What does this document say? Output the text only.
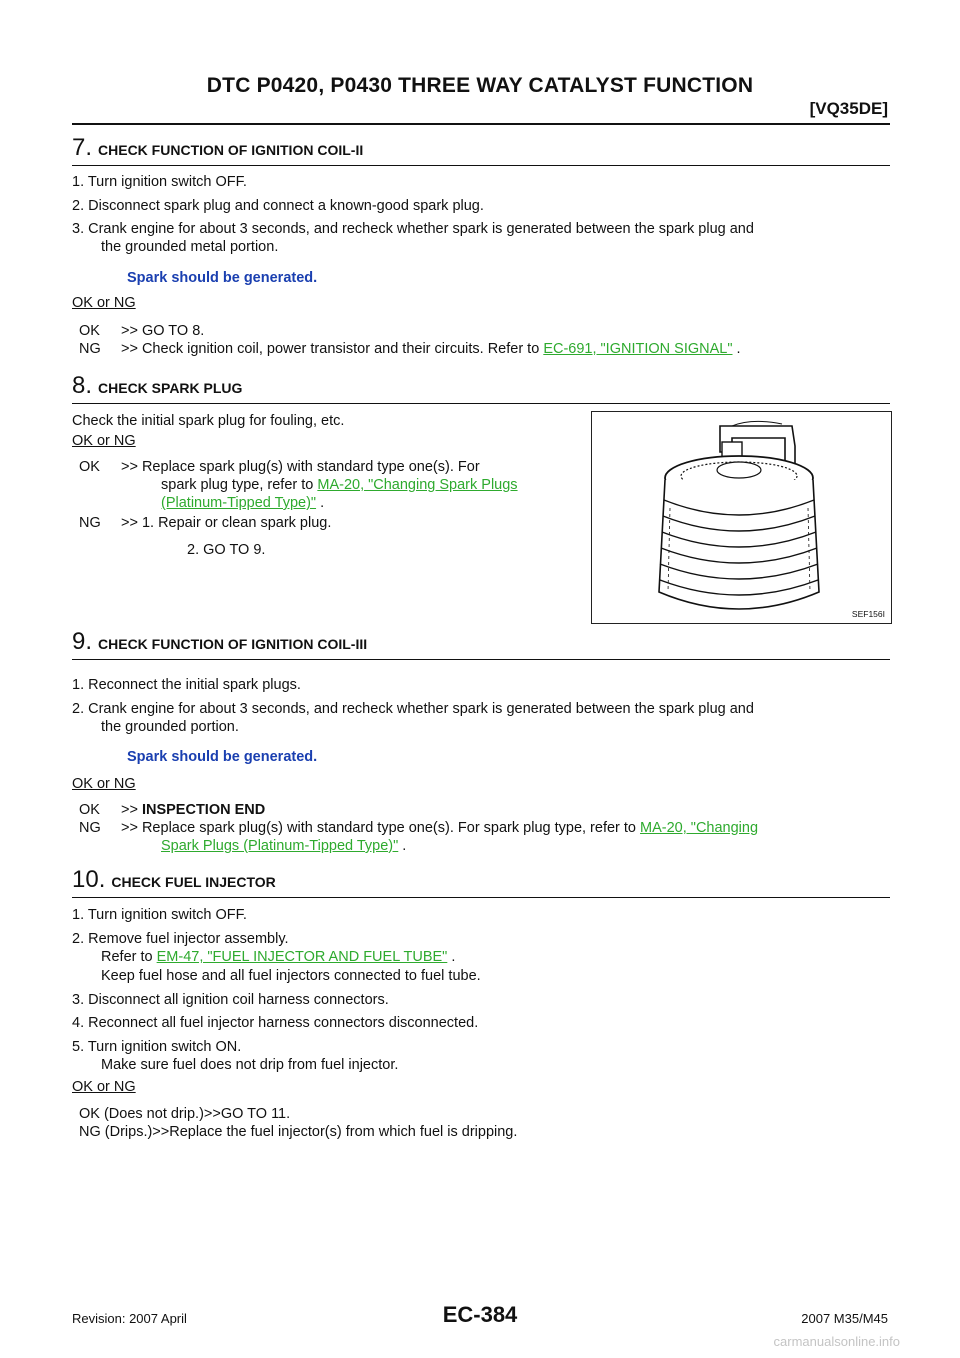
DTC P0420, P0430 THREE WAY CATALYST FUNCTION
[VQ35DE]
7. CHECK FUNCTION OF IGNITION COIL-II
1. Turn ignition switch OFF.
2. Disconnect spark plug and connect a known-good spark plug.
3. Crank engine for about 3 seconds, and recheck whether spark is generated between the spark plug and
the grounded metal portion.
Spark should be generated.
OK or NG
OK >> GO TO 8.
NG >> Check ignition coil, power transistor and their circuits. Refer to EC-691, "IGNITION SIGNAL" .
8. CHECK SPARK PLUG
Check the initial spark plug for fouling, etc.
OK or NG
OK >> Replace spark plug(s) with standard type one(s). For
spark plug type, refer to MA-20, "Changing Spark Plugs
(Platinum-Tipped Type)" .
NG >> 1. Repair or clean spark plug.
2. GO TO 9.
SEF156I
9. CHECK FUNCTION OF IGNITION COIL-III
1. Reconnect the initial spark plugs.
2. Crank engine for about 3 seconds, and recheck whether spark is generated between the spark plug and
the grounded portion.
Spark should be generated.
OK or NG
OK >> INSPECTION END
NG >> Replace spark plug(s) with standard type one(s). For spark plug type, refer to MA-20, "Changing
Spark Plugs (Platinum-Tipped Type)" .
10. CHECK FUEL INJECTOR
1. Turn ignition switch OFF.
2. Remove fuel injector assembly.
Refer to EM-47, "FUEL INJECTOR AND FUEL TUBE" .
Keep fuel hose and all fuel injectors connected to fuel tube.
3. Disconnect all ignition coil harness connectors.
4. Reconnect all fuel injector harness connectors disconnected.
5. Turn ignition switch ON.
Make sure fuel does not drip from fuel injector.
OK or NG
OK (Does not drip.)>>GO TO 11.
NG (Drips.)>>Replace the fuel injector(s) from which fuel is dripping.
EC-384
Revision: 2007 April	2007 M35/M45
carmanualsonline.info
